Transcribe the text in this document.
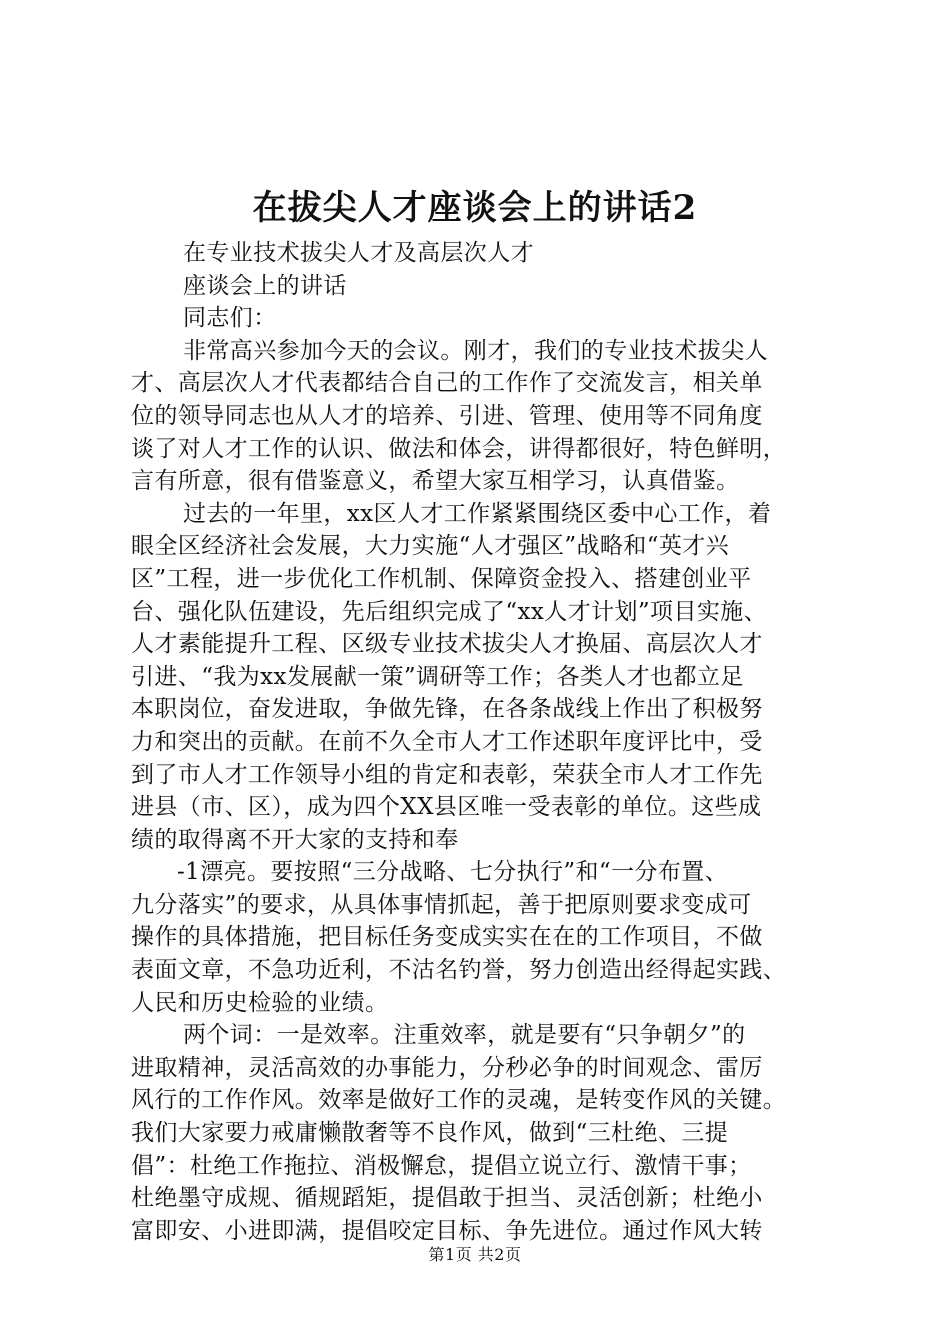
在拔尖人才座谈会上的讲话2
在专业技术拔尖人才及高层次人才
座谈会上的讲话
同志们：
非常高兴参加今天的会议。刚才，我们的专业技术拔尖人
才、高层次人才代表都结合自己的工作作了交流发言，相关单
位的领导同志也从人才的培养、引进、管理、使用等不同角度
谈了对人才工作的认识、做法和体会，讲得都很好，特色鲜明，
言有所意，很有借鉴意义，希望大家互相学习，认真借鉴。
过去的一年里，xx区人才工作紧紧围绕区委中心工作，着
眼全区经济社会发展，大力实施“人才强区”战略和“英才兴
区”工程，进一步优化工作机制、保障资金投入、搭建创业平
台、强化队伍建设，先后组织完成了“xx人才计划”项目实施、
人才素能提升工程、区级专业技术拔尖人才换届、高层次人才
引进、“我为xx发展献一策”调研等工作；各类人才也都立足
本职岗位，奋发进取，争做先锋，在各条战线上作出了积极努
力和突出的贡献。在前不久全市人才工作述职年度评比中，受
到了市人才工作领导小组的肯定和表彰，荣获全市人才工作先
进县（市、区），成为四个XX县区唯一受表彰的单位。这些成
绩的取得离不开大家的支持和奉
-1漂亮。要按照“三分战略、七分执行”和“一分布置、
九分落实”的要求，从具体事情抓起，善于把原则要求变成可
操作的具体措施，把目标任务变成实实在在的工作项目，不做
表面文章，不急功近利，不沽名钓誉，努力创造出经得起实践、
人民和历史检验的业绩。
两个词：一是效率。注重效率，就是要有“只争朝夕”的
进取精神，灵活高效的办事能力，分秒必争的时间观念、雷厉
风行的工作作风。效率是做好工作的灵魂，是转变作风的关键。
我们大家要力戒庸懒散奢等不良作风，做到“三杜绝、三提
倡”：杜绝工作拖拉、消极懈怠，提倡立说立行、激情干事；
杜绝墨守成规、循规蹈矩，提倡敢于担当、灵活创新；杜绝小
富即安、小进即满，提倡咬定目标、争先进位。通过作风大转
第1页 共2页
